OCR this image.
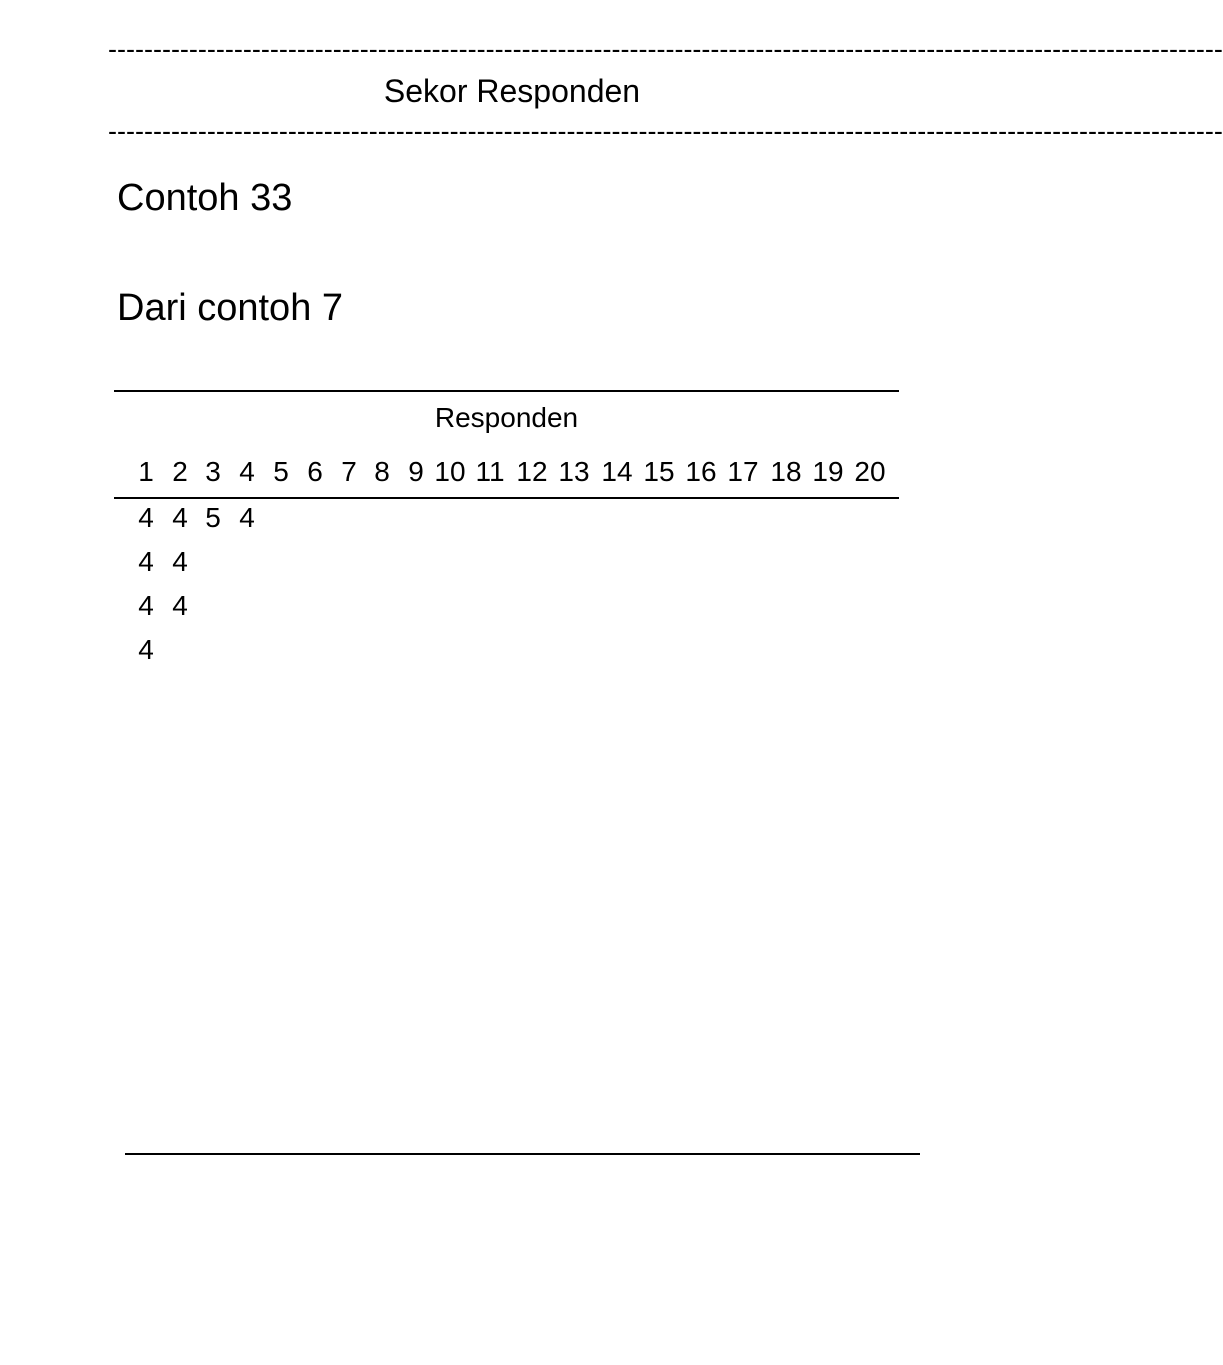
----------------------------------------------------------------------------------------------------------------------------
Sekor Responden
----------------------------------------------------------------------------------------------------------------------------
Contoh 33
Dari contoh 7
Responden
1 2 3 4 5 6 7 8 9 10 11 12 13 14 15 16 17 18 19 20
4 4 5 4
4 4
4 4
4
